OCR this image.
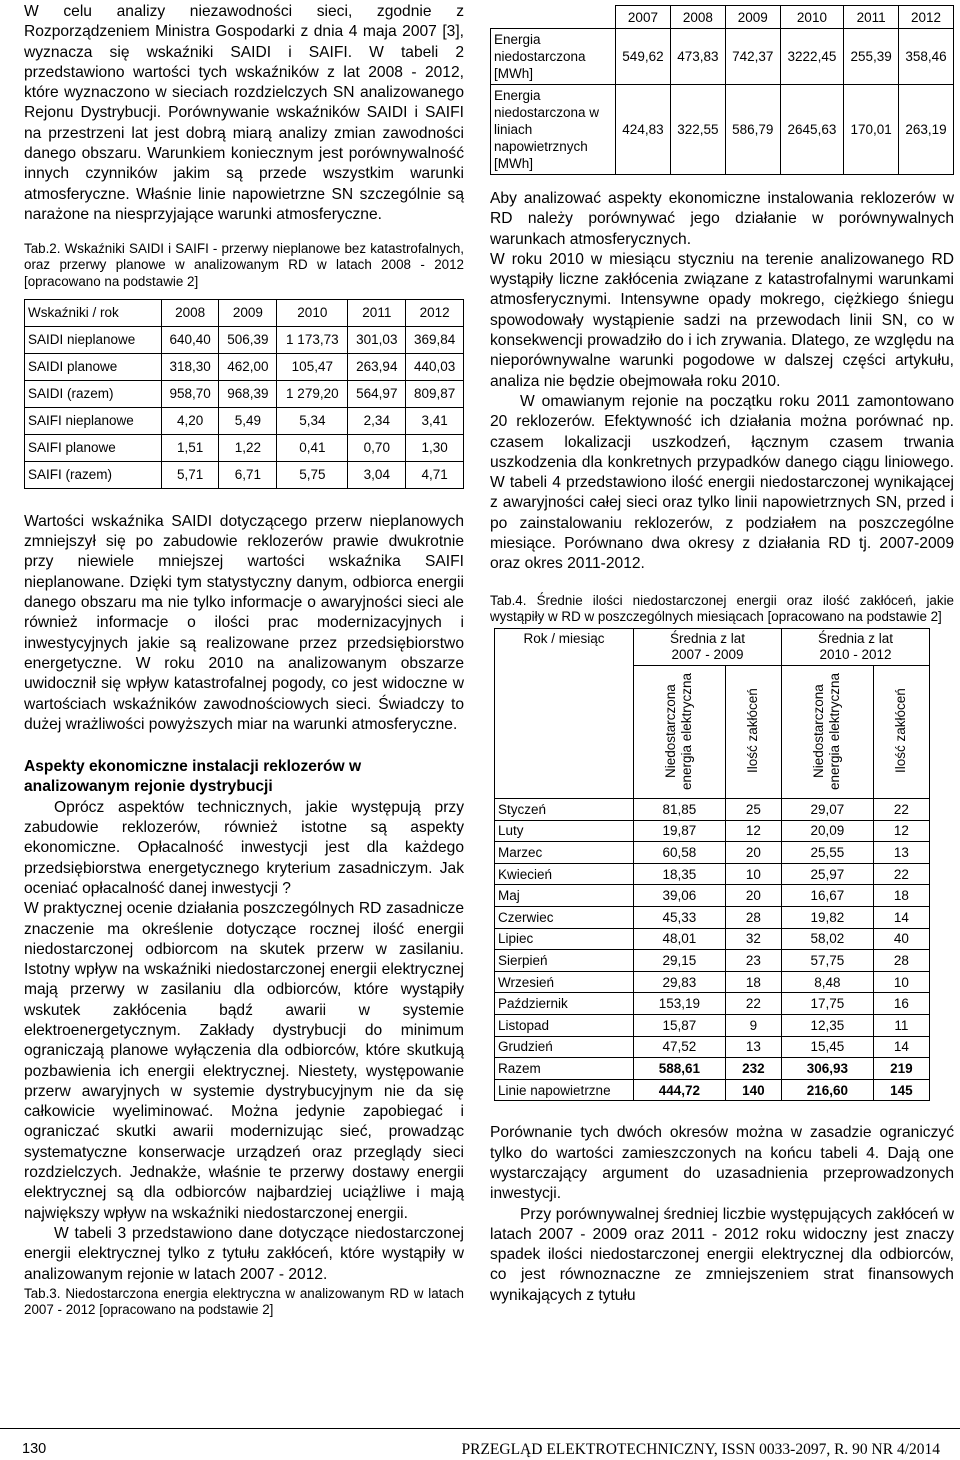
W celu analizy niezawodności sieci, zgodnie z Rozporządzeniem Ministra Gospodarki z dnia 4 maja 2007 [3], wyznacza się wskaźniki SAIDI i SAIFI. W tabeli 2 przedstawiono wartości tych wskaźników z lat 2008 - 2012, które wyznaczono w sieciach rozdzielczych SN analizowanego Rejonu Dystrybucji. Porównywanie wskaźników SAIDI i SAIFI na przestrzeni lat jest dobrą miarą analizy zmian zawodności danego obszaru. Warunkiem koniecznym jest porównywalność innych czynników jakim są przede wszystkim warunki atmosferyczne. Właśnie linie napowietrzne SN szczególnie są narażone na niesprzyjające warunki atmosferyczne.

Tab.2. Wskaźniki SAIDI i SAIFI - przerwy nieplanowe bez katastrofalnych, oraz przerwy planowe w analizowanym RD w latach 2008 - 2012 [opracowano na podstawie 2]

Wskaźniki / rok	2008	2009	2010	2011	2012
SAIDI nieplanowe	640,40	506,39	1 173,73	301,03	369,84
SAIDI planowe	318,30	462,00	105,47	263,94	440,03
SAIDI (razem)	958,70	968,39	1 279,20	564,97	809,87
SAIFI nieplanowe	4,20	5,49	5,34	2,34	3,41
SAIFI planowe	1,51	1,22	0,41	0,70	1,30
SAIFI (razem)	5,71	6,71	5,75	3,04	4,71

Wartości wskaźnika SAIDI dotyczącego przerw nieplanowych zmniejszył się po zabudowie reklozerów prawie dwukrotnie przy niewiele mniejszej wartości wskaźnika SAIFI nieplanowane. Dzięki tym statystyczny danym, odbiorca energii danego obszaru ma nie tylko informacje o awaryjności sieci ale również informacje o ilości prac modernizacyjnych i inwestycyjnych jakie są realizowane przez przedsiębiorstwo energetyczne. W roku 2010 na analizowanym obszarze uwidocznił się wpływ katastrofalnej pogody, co jest widoczne w wartościach wskaźników zawodnościowych sieci. Świadczy to dużej wrażliwości powyższych miar na warunki atmosferyczne.

Aspekty ekonomiczne instalacji reklozerów w analizowanym rejonie dystrybucji

Oprócz aspektów technicznych, jakie występują przy zabudowie reklozerów, również istotne są aspekty ekonomiczne. Opłacalność inwestycji jest dla każdego przedsiębiorstwa energetycznego kryterium zasadniczym. Jak oceniać opłacalność danej inwestycji ?

W praktycznej ocenie działania poszczególnych RD zasadnicze znaczenie ma określenie dotyczące rocznej ilość energii niedostarczonej odbiorcom na skutek przerw w zasilaniu. Istotny wpływ na wskaźniki niedostarczonej energii elektrycznej mają przerwy w zasilaniu dla odbiorców, które wystąpiły wskutek zakłócenia bądź awarii w systemie elektroenergetycznym. Zakłady dystrybucji do minimum ograniczają planowe wyłączenia dla odbiorców, które skutkują pozbawienia ich energii elektrycznej. Niestety, występowanie przerw awaryjnych w systemie dystrybucyjnym nie da się całkowicie wyeliminować. Można jedynie zapobiegać i ograniczać skutki awarii modernizując sieć, prowadząc systematyczne konserwacje urządzeń oraz przeglądy sieci rozdzielczych. Jednakże, właśnie te przerwy dostawy energii elektrycznej są dla odbiorców najbardziej uciążliwe i mają największy wpływ na wskaźniki niedostarczonej energii.

W tabeli 3 przedstawiono dane dotyczące niedostarczonej energii elektrycznej tylko z tytułu zakłóceń, które wystąpiły w analizowanym rejonie w latach 2007 - 2012.

Tab.3. Niedostarczona energia elektryczna w analizowanym RD w latach 2007 - 2012 [opracowano na podstawie 2]

	2007	2008	2009	2010	2011	2012
Energia niedostarczona [MWh]	549,62	473,83	742,37	3222,45	255,39	358,46
Energia niedostarczona w liniach napowietrznych [MWh]	424,83	322,55	586,79	2645,63	170,01	263,19

Aby analizować aspekty ekonomiczne instalowania reklozerów w RD należy porównywać jego działanie w porównywalnych warunkach atmosferycznych.

W roku 2010 w miesiącu styczniu na terenie analizowanego RD wystąpiły liczne zakłócenia związane z katastrofalnymi warunkami atmosferycznymi. Intensywne opady mokrego, ciężkiego śniegu spowodowały wystąpienie sadzi na przewodach linii SN, co w konsekwencji prowadziło do i ich zrywania. Dlatego, ze względu na nieporównywalne warunki pogodowe w dalszej części artykułu, analiza nie będzie obejmowała roku 2010.

W omawianym rejonie na początku roku 2011 zamontowano 20 reklozerów. Efektywność ich działania można porównać np. czasem lokalizacji uszkodzeń, łącznym czasem trwania uszkodzenia dla konkretnych przypadków danego ciągu liniowego. W tabeli 4 przedstawiono ilość energii niedostarczonej wynikającej z awaryjności całej sieci oraz tylko linii napowietrznych SN, przed i po zainstalowaniu reklozerów, z podziałem na poszczególne miesiące. Porównano dwa okresy z działania RD tj. 2007-2009 oraz okres 2011-2012.

Tab.4. Średnie ilości niedostarczonej energii oraz ilość zakłóceń, jakie wystąpiły w RD w poszczególnych miesiącach [opracowano na podstawie 2]

Rok / miesiąc	Średnia z lat 2007 - 2009		Średnia z lat 2010 - 2012	
	Niedostarczona energia elektryczna	Ilość zakłóceń	Niedostarczona energia elektryczna	Ilość zakłóceń
Styczeń	81,85	25	29,07	22
Luty	19,87	12	20,09	12
Marzec	60,58	20	25,55	13
Kwiecień	18,35	10	25,97	22
Maj	39,06	20	16,67	18
Czerwiec	45,33	28	19,82	14
Lipiec	48,01	32	58,02	40
Sierpień	29,15	23	57,75	28
Wrzesień	29,83	18	8,48	10
Październik	153,19	22	17,75	16
Listopad	15,87	9	12,35	11
Grudzień	47,52	13	15,45	14
Razem	588,61	232	306,93	219
Linie napowietrzne	444,72	140	216,60	145

Porównanie tych dwóch okresów można w zasadzie ograniczyć tylko do wartości zamieszczonych na końcu tabeli 4. Dają one wystarczający argument do uzasadnienia przeprowadzonych inwestycji.

Przy porównywalnej średniej liczbie występujących zakłóceń w latach 2007 - 2009 oraz 2011 - 2012 roku widoczny jest znaczy spadek ilości niedostarczonej energii elektrycznej dla odbiorców, co jest równoznaczne ze zmniejszeniem strat finansowych wynikających z tytułu

130	PRZEGLĄD ELEKTROTECHNICZNY, ISSN 0033-2097, R. 90 NR 4/2014
